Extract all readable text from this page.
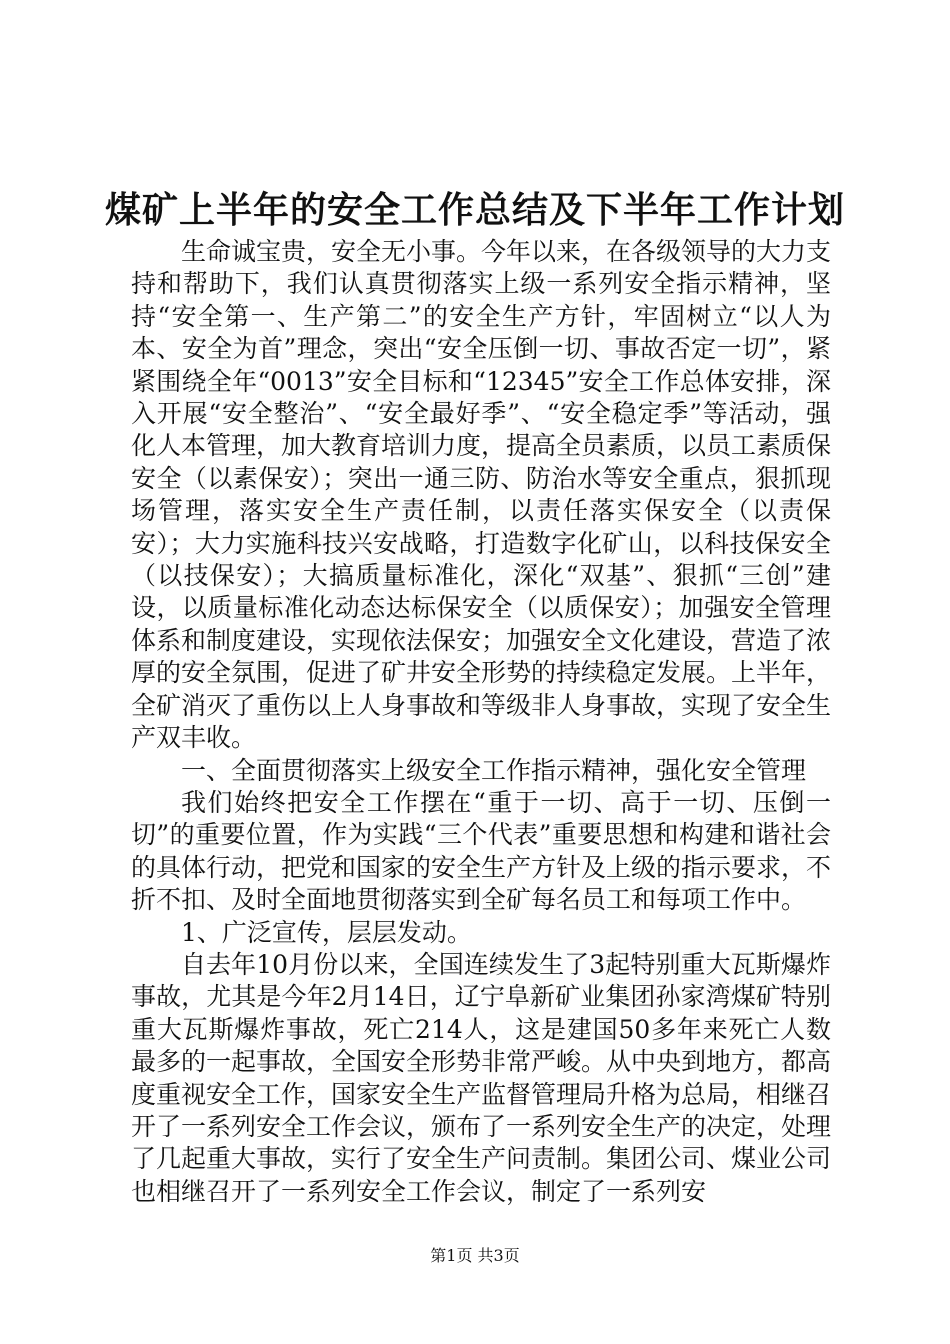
煤矿上半年的安全工作总结及下半年工作计划

生命诚宝贵，安全无小事。今年以来，在各级领导的大力支持和帮助下，我们认真贯彻落实上级一系列安全指示精神，坚持“安全第一、生产第二”的安全生产方针，牢固树立“以人为本、安全为首”理念，突出“安全压倒一切、事故否定一切”，紧紧围绕全年“0013”安全目标和“12345”安全工作总体安排，深入开展“安全整治”、“安全最好季”、“安全稳定季”等活动，强化人本管理，加大教育培训力度，提高全员素质，以员工素质保安全（以素保安）；突出一通三防、防治水等安全重点，狠抓现场管理，落实安全生产责任制，以责任落实保安全（以责保安）；大力实施科技兴安战略，打造数字化矿山，以科技保安全（以技保安）；大搞质量标准化，深化“双基”、狠抓“三创”建设，以质量标准化动态达标保安全（以质保安）；加强安全管理体系和制度建设，实现依法保安；加强安全文化建设，营造了浓厚的安全氛围，促进了矿井安全形势的持续稳定发展。上半年，全矿消灭了重伤以上人身事故和等级非人身事故，实现了安全生产双丰收。

一、全面贯彻落实上级安全工作指示精神，强化安全管理

我们始终把安全工作摆在“重于一切、高于一切、压倒一切”的重要位置，作为实践“三个代表”重要思想和构建和谐社会的具体行动，把党和国家的安全生产方针及上级的指示要求，不折不扣、及时全面地贯彻落实到全矿每名员工和每项工作中。

1、广泛宣传，层层发动。

自去年10月份以来，全国连续发生了3起特别重大瓦斯爆炸事故，尤其是今年2月14日，辽宁阜新矿业集团孙家湾煤矿特别重大瓦斯爆炸事故，死亡214人，这是建国50多年来死亡人数最多的一起事故，全国安全形势非常严峻。从中央到地方，都高度重视安全工作，国家安全生产监督管理局升格为总局，相继召开了一系列安全工作会议，颁布了一系列安全生产的决定，处理了几起重大事故，实行了安全生产问责制。集团公司、煤业公司也相继召开了一系列安全工作会议，制定了一系列安

第1页 共3页
